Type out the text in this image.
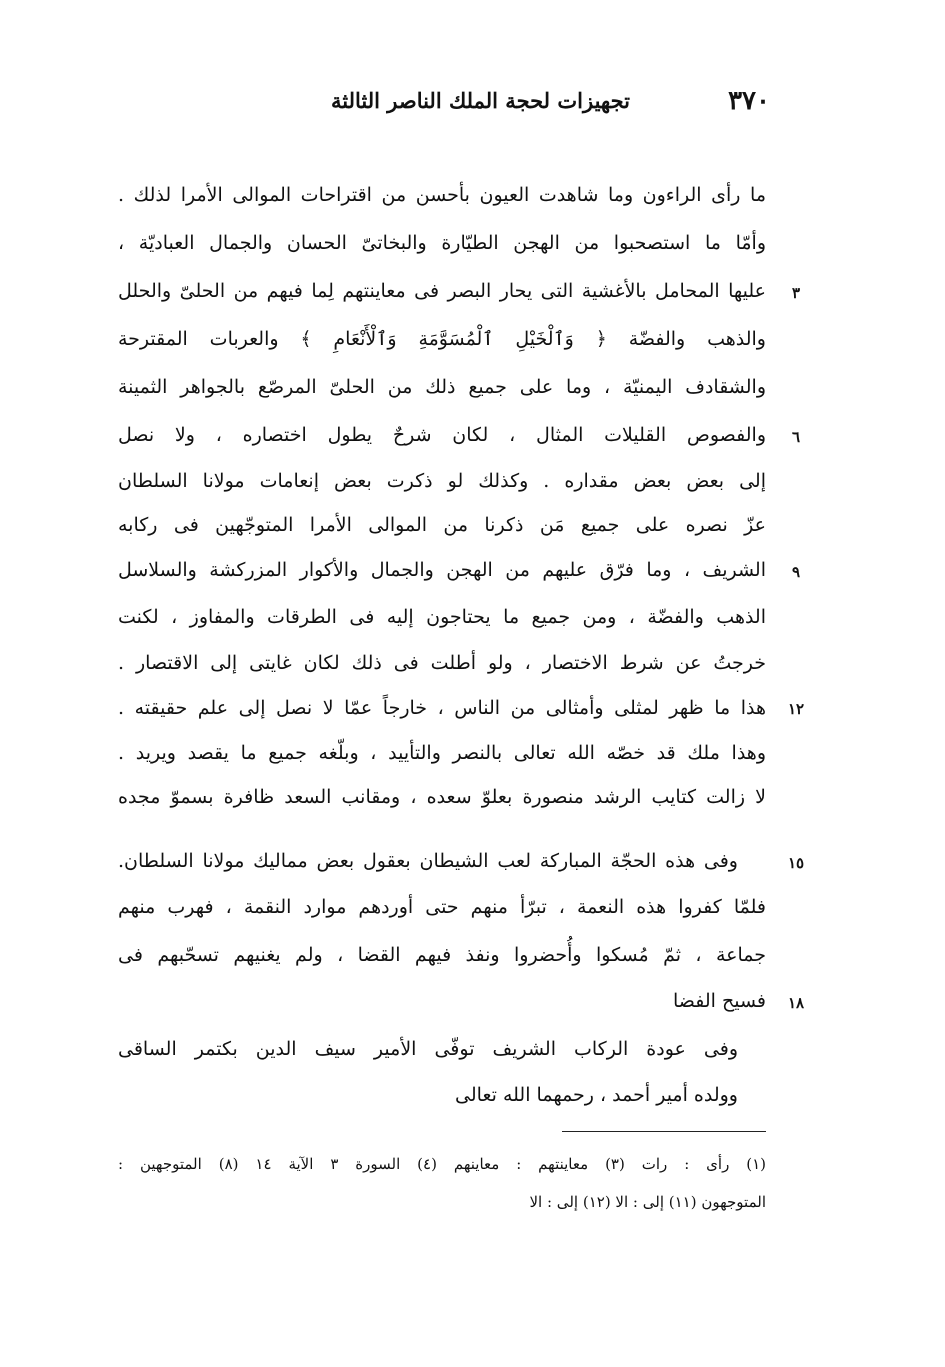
تجهيزات لحجة الملك الناصر الثالثة	٣٧٠
ما رأى الراءون وما شاهدت العيون بأحسن من اقتراحات الموالى الأمرا لذلك .
وأمّا ما استصحبوا من الهجن الطيّارة والبخاتىّ الحسان والجمال العباديّة ،
عليها المحامل بالأغشية التى يحار البصر فى معاينتهم لِما فيهم من الحلىّ والحلل
والذهب والفضّة ﴿ وَٱلْخَيْلِ ٱلْمُسَوَّمَةِ وَٱلْأَنْعَامِ ﴾ والعربات المقترحة
والشقادف اليمنيّة ، وما على جميع ذلك من الحلىّ المرصّع بالجواهر الثمينة
والفصوص القليلات المثال ، لكان شرحٌ يطول اختصاره ، ولا نصل
إلى بعض بعض مقداره . وكذلك لو ذكرت بعض إنعامات مولانا السلطان
عزّ نصره على جميع مَن ذكرنا من الموالى الأمرا المتوجّهين فى ركابه
الشريف ، وما فرّق عليهم من الهجن والجمال والأكوار المزركشة والسلاسل
الذهب والفضّة ، ومن جميع ما يحتاجون إليه فى الطرقات والمفاوز ، لكنت
خرجتُ عن شرط الاختصار ، ولو أطلت فى ذلك لكان غايتى إلى الاقتصار .
هذا ما ظهر لمثلى وأمثالى من الناس ، خارجاً عمّا لا نصل إلى علم حقيقته .
وهذا ملك قد خصّه الله تعالى بالنصر والتأييد ، وبلّغه جميع ما يقصد ويريد .
لا زالت كتايب الرشد منصورة بعلوّ سعده ، ومقانب السعد ظافرة بسموّ مجده
وفى هذه الحجّة المباركة لعب الشيطان بعقول بعض مماليك مولانا السلطان.
فلمّا كفروا هذه النعمة ، تبرّأ منهم حتى أوردهم موارد النقمة ، فهرب منهم
جماعة ، ثمّ مُسكوا وأُحضروا ونفذ فيهم القضا ، ولم يغنيهم تسحّبهم فى
فسيح الفضا
وفى عودة الركاب الشريف توفّى الأمير سيف الدين بكتمر الساقى
وولده أمير أحمد ، رحمهما الله تعالى
٣
٦
٩
١٢
١٥
١٨
(١) رأى : رات (٣) معاينتهم : معاينهم (٤) السورة ٣ الآية ١٤ (٨) المتوجهين :
المتوجهون (١١) إلى : الا (١٢) إلى : الا
